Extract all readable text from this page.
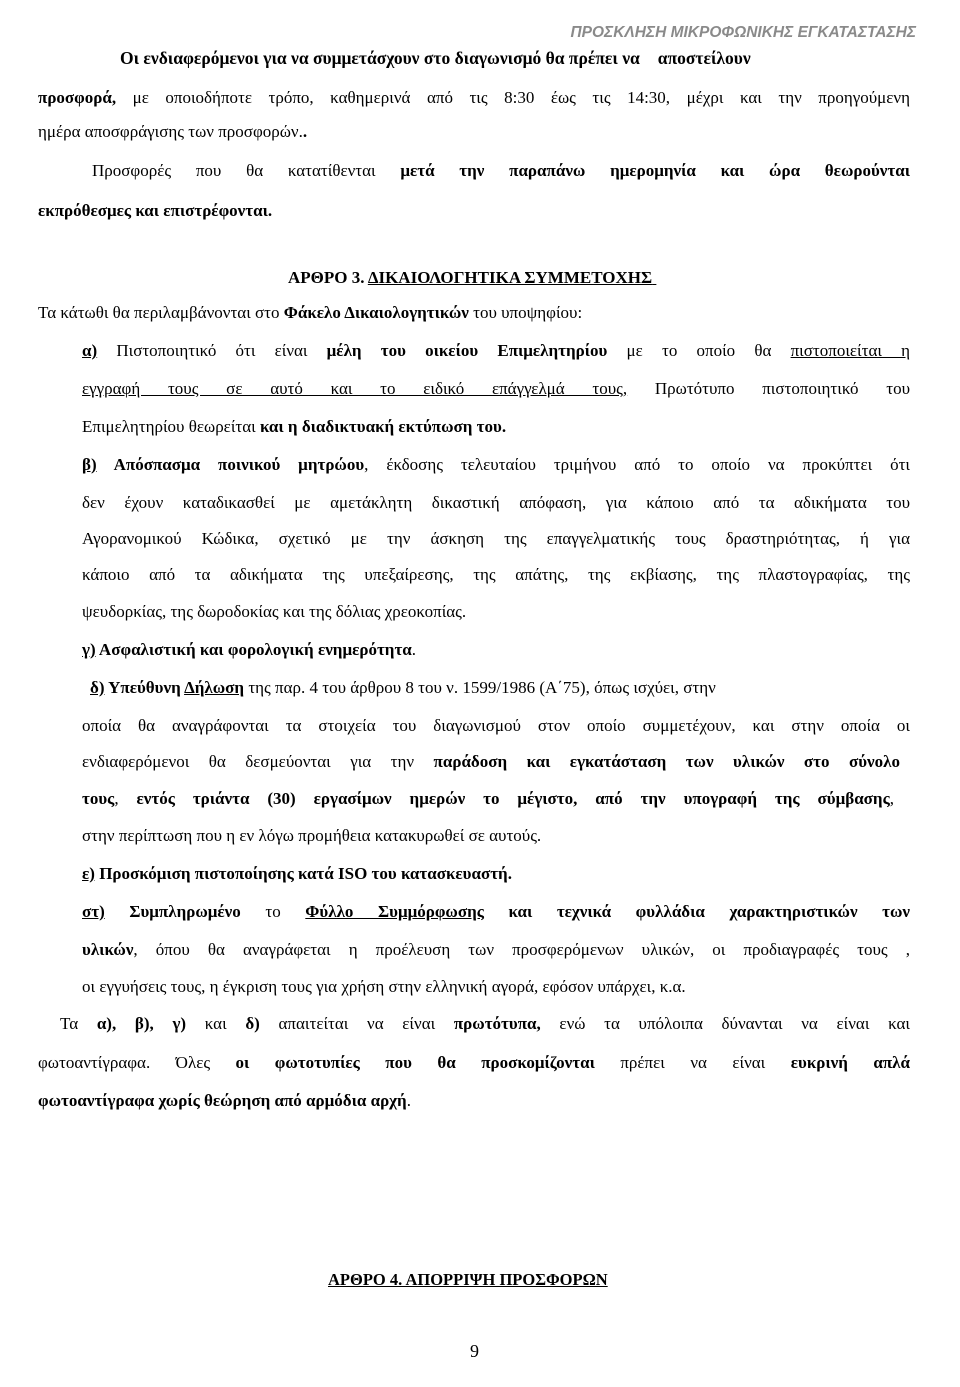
ΠΡΟΣΚΛΗΣΗ ΜΙΚΡΟΦΩΝΙΚΗΣ ΕΓΚΑΤΑΣΤΑΣΗΣ
Οι ενδιαφερόμενοι για να συμμετάσχουν στο διαγωνισμό θα πρέπει να αποστείλουν
προσφορά, με οποιοδήποτε τρόπο, καθημερινά από τις 8:30 έως τις 14:30, μέχρι και την προηγούμενη
ημέρα αποσφράγισης των προσφορών..
Προσφορές που θα κατατίθενται μετά την παραπάνω ημερομηνία και ώρα θεωρούνται
εκπρόθεσμες και επιστρέφονται.
ΑΡΘΡΟ 3. ΔΙΚΑΙΟΛΟΓΗΤΙΚΑ ΣΥΜΜΕΤΟΧΗΣ
Τα κάτωθι θα περιλαμβάνονται στο Φάκελο Δικαιολογητικών του υποψηφίου:
α) Πιστοποιητικό ότι είναι μέλη του οικείου Επιμελητηρίου με το οποίο θα πιστοποιείται η
εγγραφή τους σε αυτό και το ειδικό επάγγελμά τους, Πρωτότυπο πιστοποιητικό του
Επιμελητηρίου θεωρείται και η διαδικτυακή εκτύπωση του.
β) Απόσπασμα ποινικού μητρώου, έκδοσης τελευταίου τριμήνου από το οποίο να προκύπτει ότι
δεν έχουν καταδικασθεί με αμετάκλητη δικαστική απόφαση, για κάποιο από τα αδικήματα του
Αγορανομικού Κώδικα, σχετικό με την άσκηση της επαγγελματικής τους δραστηριότητας, ή για
κάποιο από τα αδικήματα της υπεξαίρεσης, της απάτης, της εκβίασης, της πλαστογραφίας, της
ψευδορκίας, της δωροδοκίας και της δόλιας χρεοκοπίας.
γ) Ασφαλιστική και φορολογική ενημερότητα.
δ) Υπεύθυνη Δήλωση της παρ. 4 του άρθρου 8 του ν. 1599/1986 (Α΄75), όπως ισχύει, στην
οποία θα αναγράφονται τα στοιχεία του διαγωνισμού στον οποίο συμμετέχουν, και στην οποία οι
ενδιαφερόμενοι θα δεσμεύονται για την παράδοση και εγκατάσταση των υλικών στο σύνολο
τους, εντός τριάντα (30) εργασίμων ημερών το μέγιστο, από την υπογραφή της σύμβασης,
στην περίπτωση που η εν λόγω προμήθεια κατακυρωθεί σε αυτούς.
ε) Προσκόμιση πιστοποίησης κατά ISO του κατασκευαστή.
στ) Συμπληρωμένο το Φύλλο Συμμόρφωσης και τεχνικά φυλλάδια χαρακτηριστικών των
υλικών, όπου θα αναγράφεται η προέλευση των προσφερόμενων υλικών, οι προδιαγραφές τους ,
οι εγγυήσεις τους, η έγκριση τους για χρήση στην ελληνική αγορά, εφόσον υπάρχει, κ.α.
Τα α), β), γ) και δ) απαιτείται να είναι πρωτότυπα, ενώ τα υπόλοιπα δύνανται να είναι και
φωτοαντίγραφα. Όλες οι φωτοτυπίες που θα προσκομίζονται πρέπει να είναι ευκρινή απλά
φωτοαντίγραφα χωρίς θεώρηση από αρμόδια αρχή.
ΑΡΘΡΟ 4. ΑΠΟΡΡΙΨΗ ΠΡΟΣΦΟΡΩΝ
9
